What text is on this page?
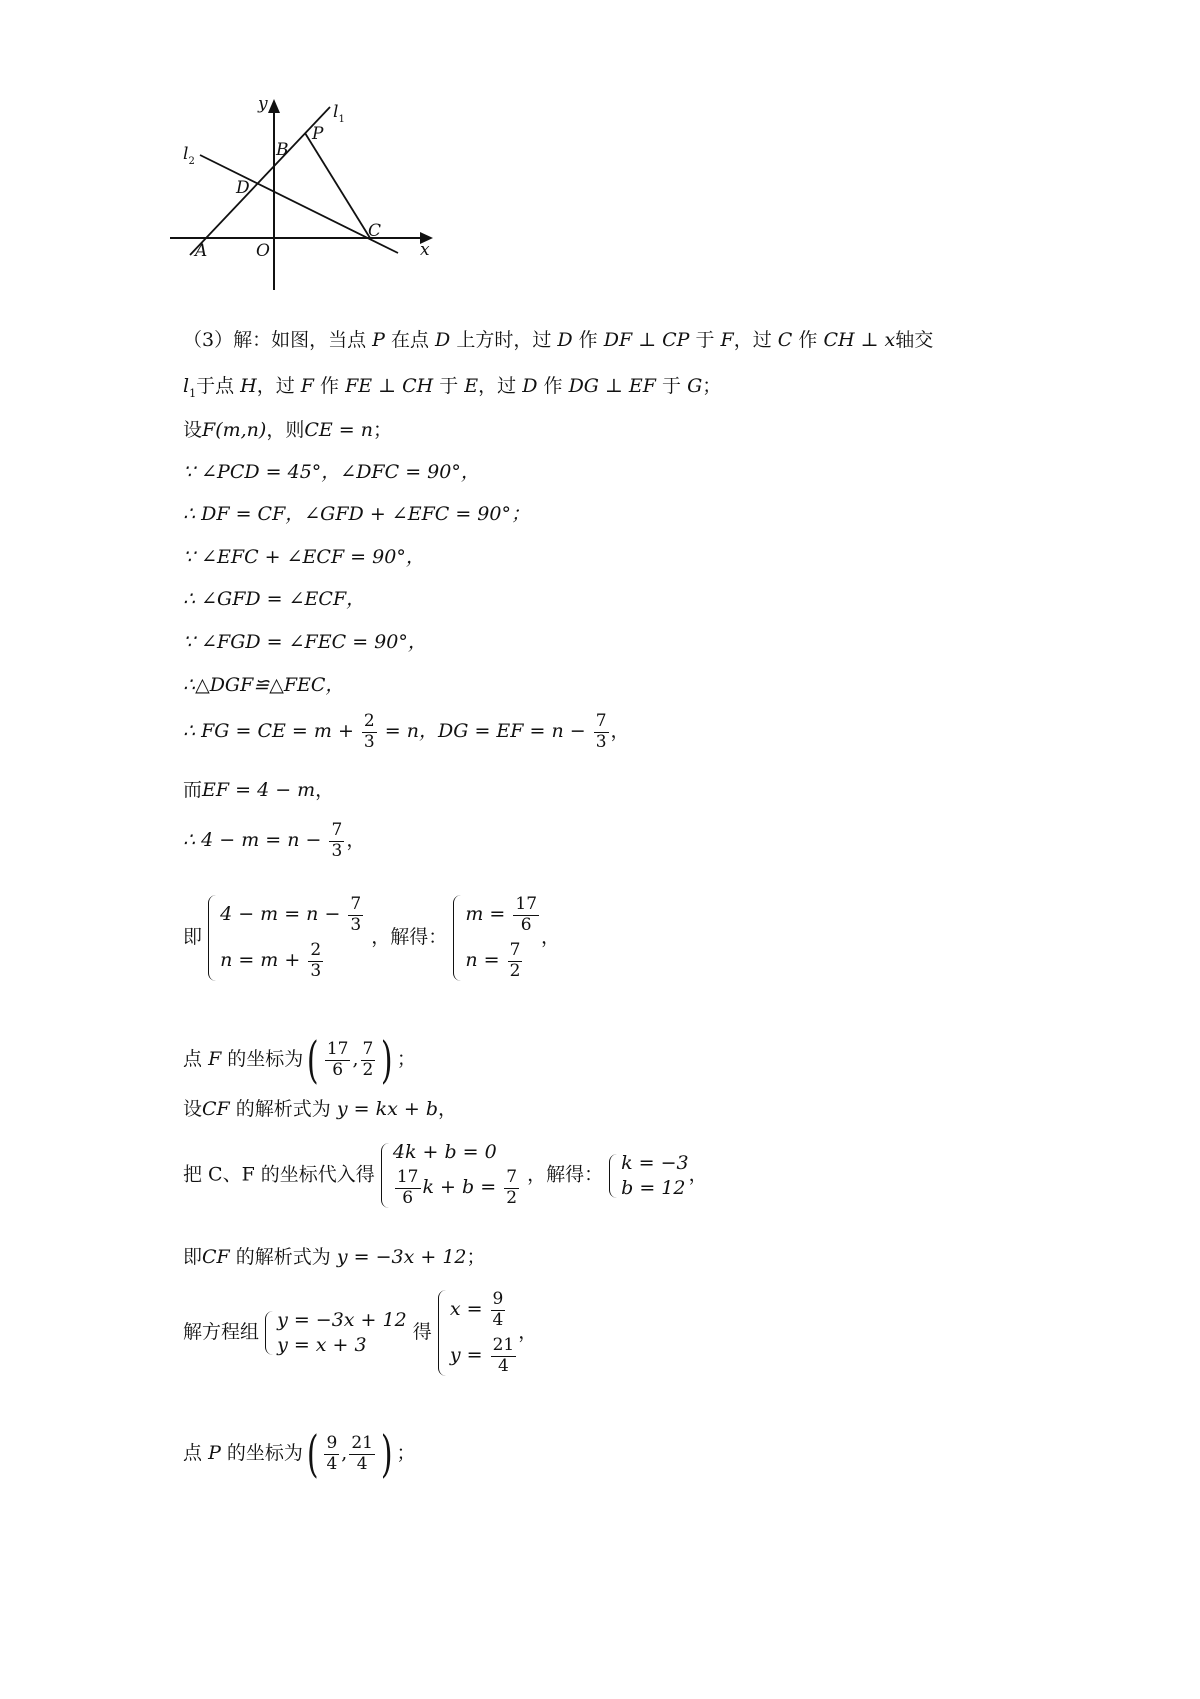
y
x
$l_1$
$l_2$
A
B
C
D
O
P
（3）解：如图，当点 P 在点 D 上方时，过 D 作 DF ⊥ CP 于 F，过 C 作 CH ⊥ x轴交
$l_1$于点 H，过 F 作 FE ⊥ CH 于 E，过 D 作 DG ⊥ EF 于 G；
设F(m,n)，则CE = n；
∵ ∠PCD = 45°，∠DFC = 90°，
∴ DF = CF，∠GFD + ∠EFC = 90°；
∵ ∠EFC + ∠ECF = 90°，
∴ ∠GFD = ∠ECF，
∵ ∠FGD = ∠FEC = 90°，
∴△DGF≌△FEC，
∴ FG = CE = $m + \frac{2}{3} = n$，DG = EF = $n - \frac{7}{3}$ ，
而EF = 4 − m，
∴ $4 - m = n - \frac{7}{3}$ ，
即
$4 - m = n - \frac{7}{3}$
$n = m + \frac{2}{3}$
，解得：
$m = \frac{17}{6}$
$n = \frac{7}{2}$
，
点 F 的坐标为( $\frac{17}{6}$ , $\frac{7}{2}$ ) ；
设CF 的解析式为 y = kx + b，
把 C、F 的坐标代入得
4k + b = 0
$\frac{17}{6}$ $k + b = \frac{7}{2}$ ，解得：
k = −3
b = 12
，
即CF 的解析式为 y = −3x + 12；
解方程组
y = −3x + 12
y = x + 3
得
$x = \frac{9}{4}$
$y = \frac{21}{4}$
，
点 P 的坐标为( $\frac{9}{4}$ , $\frac{21}{4}$ ) ；
